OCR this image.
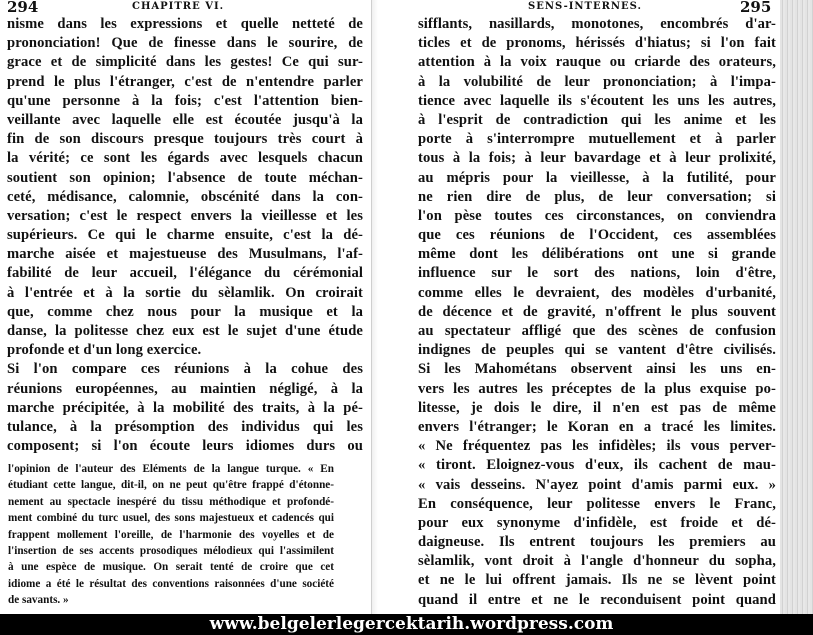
294	CHAPITRE VI.
nisme dans les expressions et quelle netteté de
prononciation! Que de finesse dans le sourire, de
grace et de simplicité dans les gestes! Ce qui sur-
prend le plus l'étranger, c'est de n'entendre parler
qu'une personne à la fois; c'est l'attention bien-
veillante avec laquelle elle est écoutée jusqu'à la
fin de son discours presque toujours très court à
la vérité; ce sont les égards avec lesquels chacun
soutient son opinion; l'absence de toute méchan-
ceté, médisance, calomnie, obscénité dans la con-
versation; c'est le respect envers la vieillesse et les
supérieurs. Ce qui le charme ensuite, c'est la dé-
marche aisée et majestueuse des Musulmans, l'af-
fabilité de leur accueil, l'élégance du cérémonial
à l'entrée et à la sortie du sèlamlik. On croirait
que, comme chez nous pour la musique et la
danse, la politesse chez eux est le sujet d'une étude
profonde et d'un long exercice.
Si l'on compare ces réunions à la cohue des
réunions européennes, au maintien négligé, à la
marche précipitée, à la mobilité des traits, à la pé-
tulance, à la présomption des individus qui les
composent; si l'on écoute leurs idiomes durs ou
l'opinion de l'auteur des Eléments de la langue turque. « En
étudiant cette langue, dit-il, on ne peut qu'être frappé d'étonne-
nement au spectacle inespéré du tissu méthodique et profondé-
ment combiné du turc usuel, des sons majestueux et cadencés qui
frappent mollement l'oreille, de l'harmonie des voyelles et de
l'insertion de ses accents prosodiques mélodieux qui l'assimilent
à une espèce de musique. On serait tenté de croire que cet
idiome a été le résultat des conventions raisonnées d'une société
de savants. »
SENS-INTERNES.	295
sifflants, nasillards, monotones, encombrés d'ar-
ticles et de pronoms, hérissés d'hiatus; si l'on fait
attention à la voix rauque ou criarde des orateurs,
à la volubilité de leur prononciation; à l'impa-
tience avec laquelle ils s'écoutent les uns les autres,
à l'esprit de contradiction qui les anime et les
porte à s'interrompre mutuellement et à parler
tous à la fois; à leur bavardage et à leur prolixité,
au mépris pour la vieillesse, à la futilité, pour
ne rien dire de plus, de leur conversation; si
l'on pèse toutes ces circonstances, on conviendra
que ces réunions de l'Occident, ces assemblées
même dont les délibérations ont une si grande
influence sur le sort des nations, loin d'être,
comme elles le devraient, des modèles d'urbanité,
de décence et de gravité, n'offrent le plus souvent
au spectateur affligé que des scènes de confusion
indignes de peuples qui se vantent d'être civilisés.
Si les Mahométans observent ainsi les uns en-
vers les autres les préceptes de la plus exquise po-
litesse, je dois le dire, il n'en est pas de même
envers l'étranger; le Koran en a tracé les limites.
« Ne fréquentez pas les infidèles; ils vous perver-
« tiront. Eloignez-vous d'eux, ils cachent de mau-
« vais desseins. N'ayez point d'amis parmi eux. »
En conséquence, leur politesse envers le Franc,
pour eux synonyme d'infidèle, est froide et dé-
daigneuse. Ils entrent toujours les premiers au
sèlamlik, vont droit à l'angle d'honneur du sopha,
et ne le lui offrent jamais. Ils ne se lèvent point
quand il entre et ne le reconduisent point quand
www.belgelerlegercektarih.wordpress.com
